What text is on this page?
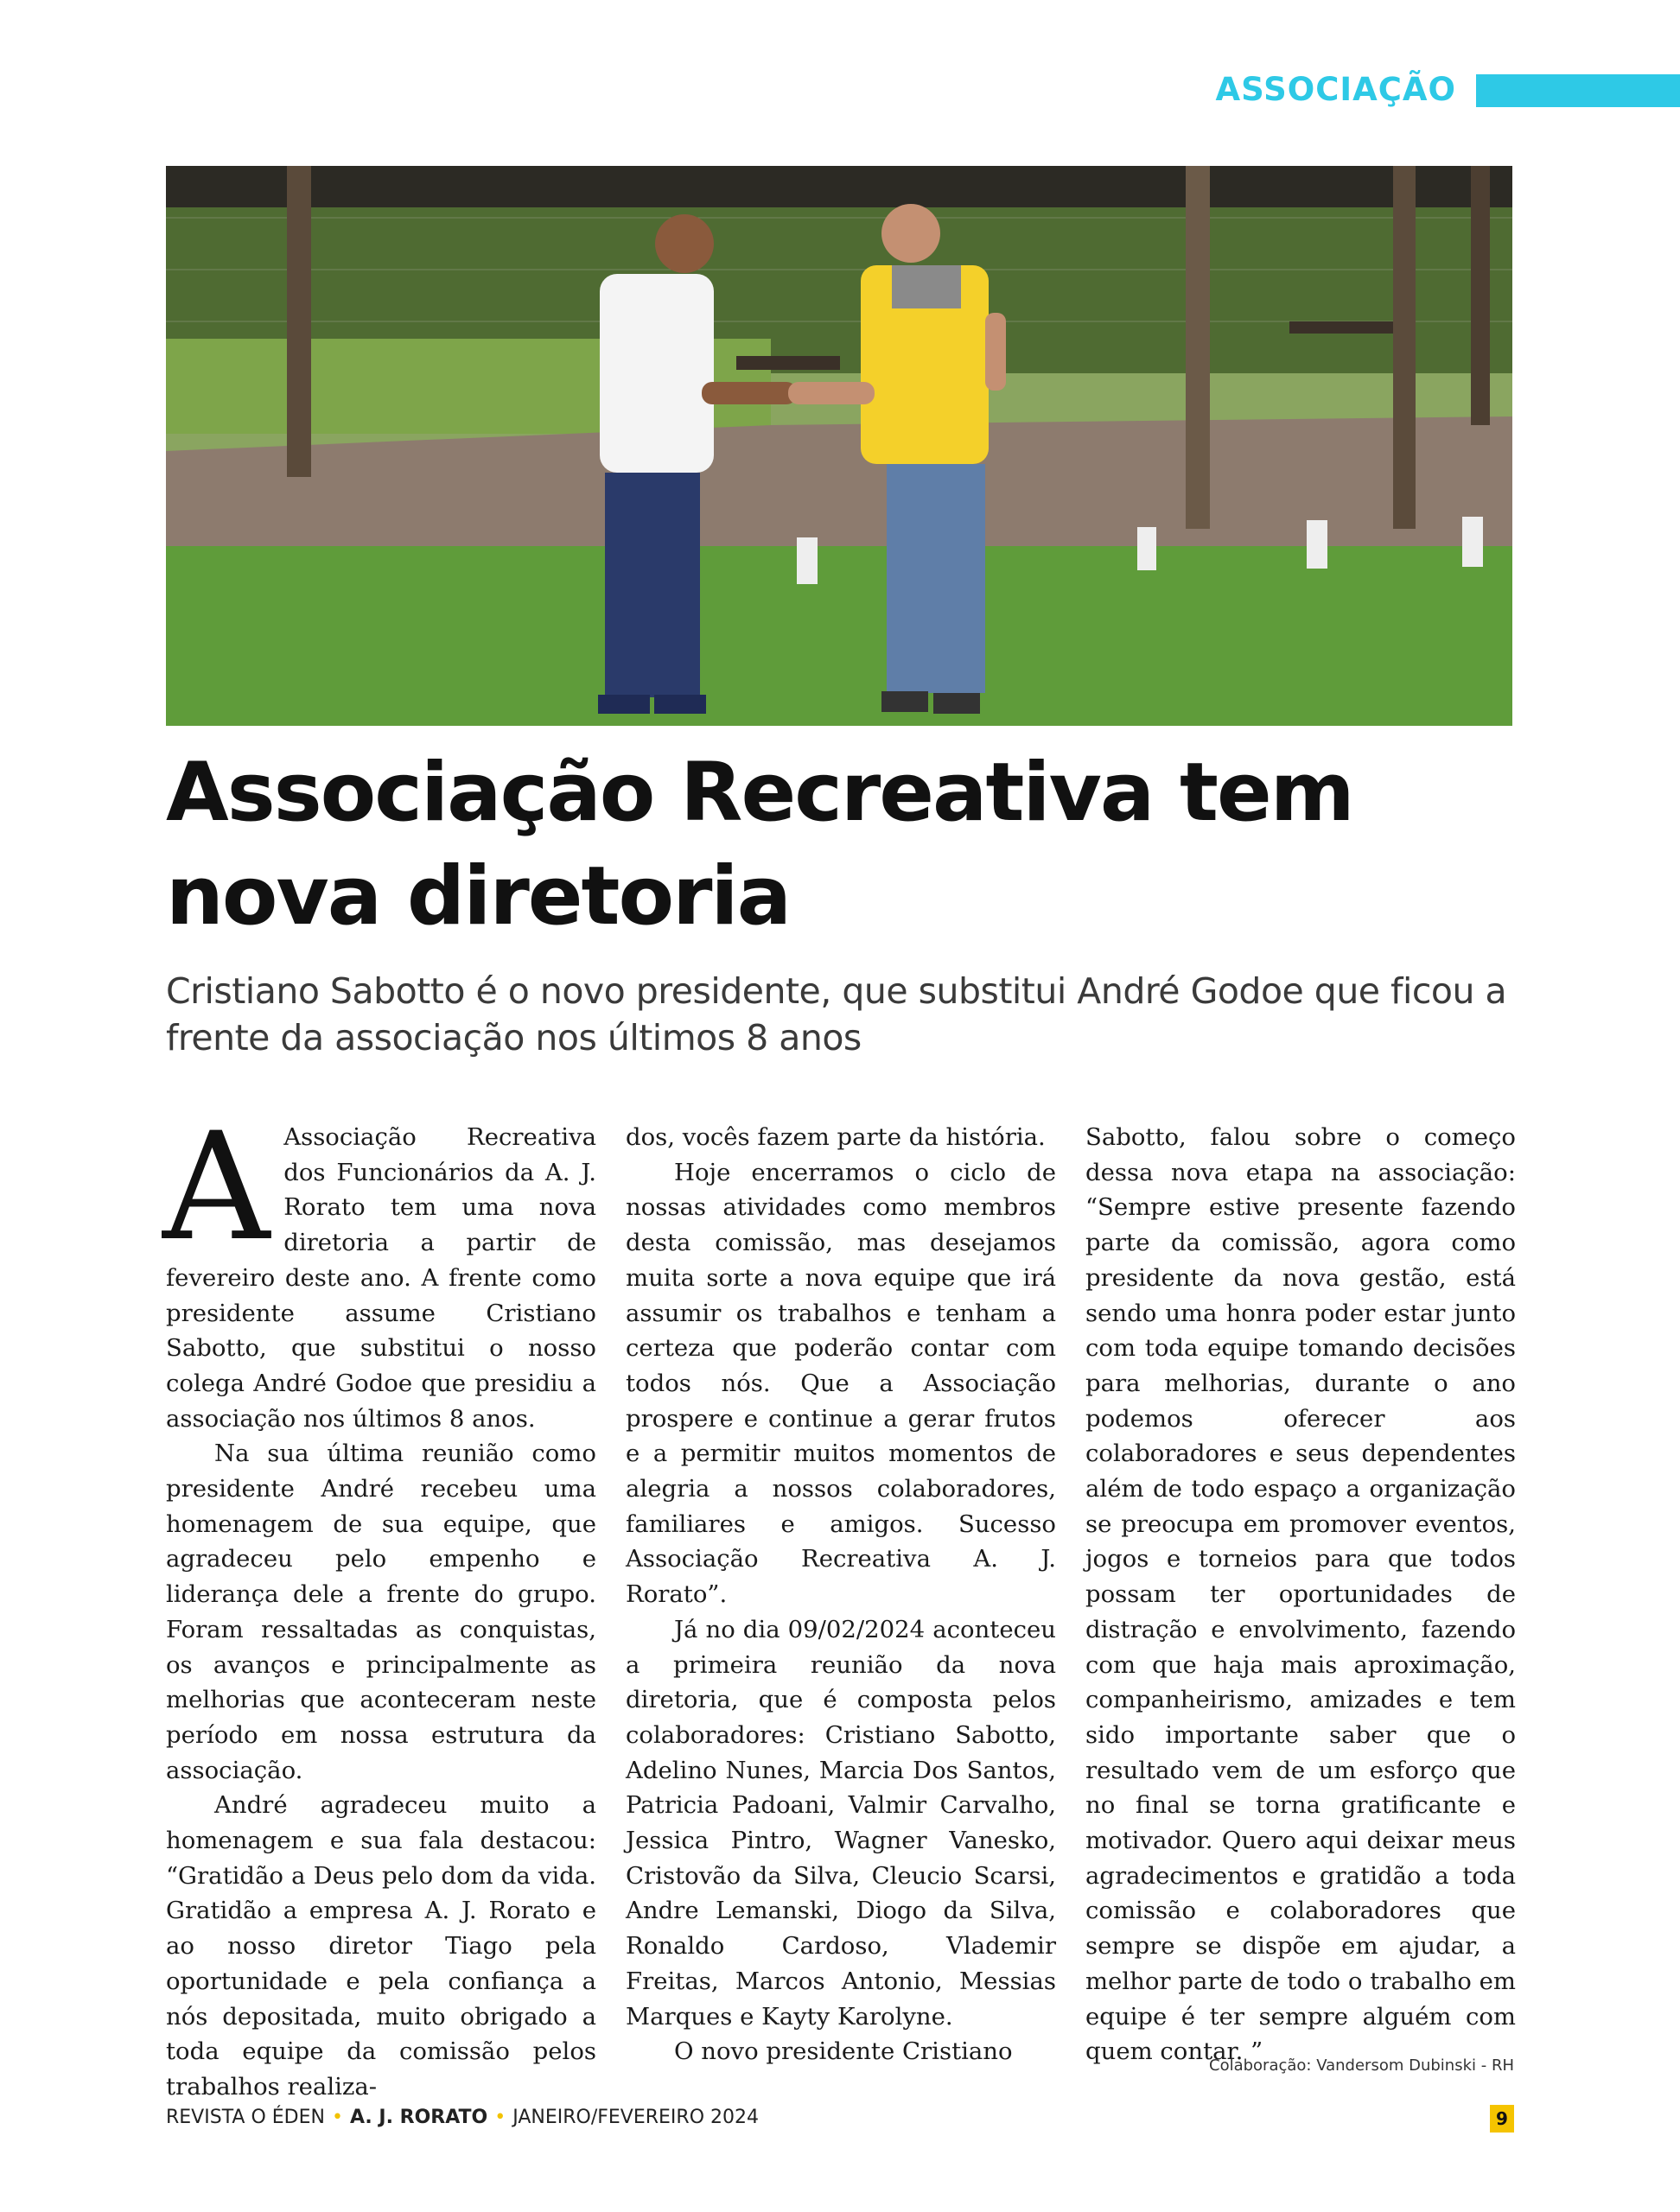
ASSOCIAÇÃO
Associação Recreativa tem nova diretoria

Cristiano Sabotto é o novo presidente, que substitui André Godoe que ficou a frente da associação nos últimos 8 anos

A Associação Recreativa dos Funcionários da A. J. Rorato tem uma nova diretoria a partir de fevereiro deste ano. A frente como presidente assume Cristiano Sabotto, que substitui o nosso colega André Godoe que presidiu a associação nos últimos 8 anos.

Na sua última reunião como presidente André recebeu uma homenagem de sua equipe, que agradeceu pelo empenho e liderança dele a frente do grupo. Foram ressaltadas as conquistas, os avanços e principalmente as melhorias que aconteceram neste período em nossa estrutura da associação.

André agradeceu muito a homenagem e sua fala destacou: “Gratidão a Deus pelo dom da vida. Gratidão a empresa A. J. Rorato e ao nosso diretor Tiago pela oportunidade e pela confiança a nós depositada, muito obrigado a toda equipe da comissão pelos trabalhos realiza-

dos, vocês fazem parte da história.

Hoje encerramos o ciclo de nossas atividades como membros desta comissão, mas desejamos muita sorte a nova equipe que irá assumir os trabalhos e tenham a certeza que poderão contar com todos nós. Que a Associação prospere e continue a gerar frutos e a permitir muitos momentos de alegria a nossos colaboradores, familiares e amigos. Sucesso Associação Recreativa A. J. Rorato”.

Já no dia 09/02/2024 aconteceu a primeira reunião da nova diretoria, que é composta pelos colaboradores: Cristiano Sabotto, Adelino Nunes, Marcia Dos Santos, Patricia Padoani, Valmir Carvalho, Jessica Pintro, Wagner Vanesko, Cristovão da Silva, Cleucio Scarsi, Andre Lemanski, Diogo da Silva, Ronaldo Cardoso, Vlademir Freitas, Marcos Antonio, Messias Marques e Kayty Karolyne.

O novo presidente Cristiano

Sabotto, falou sobre o começo dessa nova etapa na associação: “Sempre estive presente fazendo parte da comissão, agora como presidente da nova gestão, está sendo uma honra poder estar junto com toda equipe tomando decisões para melhorias, durante o ano podemos oferecer aos colaboradores e seus dependentes além de todo espaço a organização se preocupa em promover eventos, jogos e torneios para que todos possam ter oportunidades de distração e envolvimento, fazendo com que haja mais aproximação, companheirismo, amizades e tem sido importante saber que o resultado vem de um esforço que no final se torna gratificante e motivador. Quero aqui deixar meus agradecimentos e gratidão a toda comissão e colaboradores que sempre se dispõe em ajudar, a melhor parte de todo o trabalho em equipe é ter sempre alguém com quem contar. ”

Colaboração: Vandersom Dubinski - RH
REVISTA O ÉDEN • A. J. RORATO • JANEIRO/FEVEREIRO 2024	9
